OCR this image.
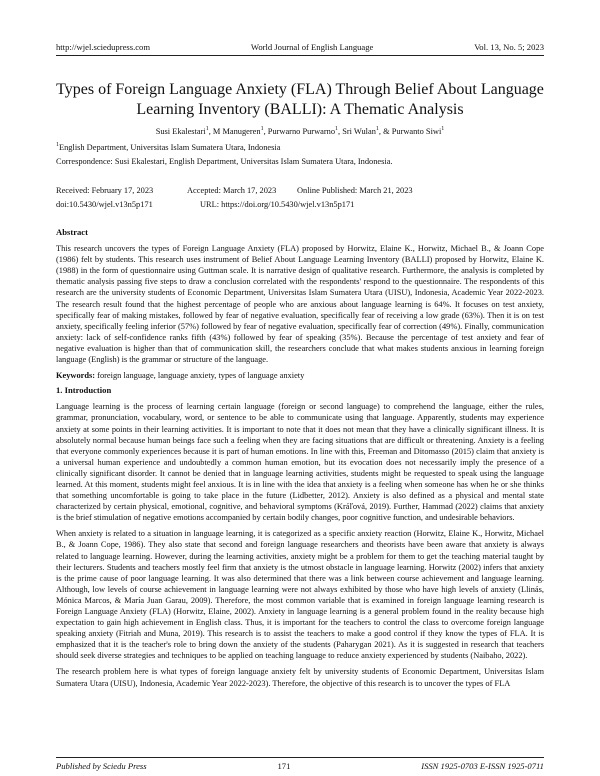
http://wjel.sciedupress.com	World Journal of English Language	Vol. 13, No. 5; 2023
Types of Foreign Language Anxiety (FLA) Through Belief About Language Learning Inventory (BALLI): A Thematic Analysis
Susi Ekalestari$^1$, M Manugeren$^1$, Purwarno Purwarno$^1$, Sri Wulan$^1$, & Purwanto Siwi$^1$
$^1$English Department, Universitas Islam Sumatera Utara, Indonesia
Correspondence: Susi Ekalestari, English Department, Universitas Islam Sumatera Utara, Indonesia.
Received: February 17, 2023	Accepted: March 17, 2023 Online Published: March 21, 2023
doi:10.5430/wjel.v13n5p171	URL: https://doi.org/10.5430/wjel.v13n5p171
Abstract

This research uncovers the types of Foreign Language Anxiety (FLA) proposed by Horwitz, Elaine K., Horwitz, Michael B., & Joann Cope (1986) felt by students. This research uses instrument of Belief About Language Learning Inventory (BALLI) proposed by Horwitz, Elaine K. (1988) in the form of questionnaire using Guttman scale. It is narrative design of qualitative research. Furthermore, the analysis is completed by thematic analysis passing five steps to draw a conclusion correlated with the respondents' respond to the questionnaire. The respondents of this research are the university students of Economic Department, Universitas Islam Sumatera Utara (UISU), Indonesia, Academic Year 2022-2023. The research result found that the highest percentage of people who are anxious about language learning is 64%. It focuses on test anxiety, specifically fear of making mistakes, followed by fear of negative evaluation, specifically fear of receiving a low grade (63%). Then it is on test anxiety, specifically feeling inferior (57%) followed by fear of negative evaluation, specifically fear of correction (49%). Finally, communication anxiety: lack of self-confidence ranks fifth (43%) followed by fear of speaking (35%). Because the percentage of test anxiety and fear of negative evaluation is higher than that of communication skill, the researchers conclude that what makes students anxious in learning foreign language (English) is the grammar or structure of the language.

Keywords: foreign language, language anxiety, types of language anxiety

1. Introduction

Language learning is the process of learning certain language (foreign or second language) to comprehend the language, either the rules, grammar, pronunciation, vocabulary, word, or sentence to be able to communicate using that language. Apparently, students may experience anxiety at some points in their learning activities. It is important to note that it does not mean that they have a clinically significant illness. It is absolutely normal because human beings face such a feeling when they are facing situations that are difficult or threatening. Anxiety is a feeling that everyone commonly experiences because it is part of human emotions. In line with this, Freeman and Ditomasso (2015) claim that anxiety is a universal human experience and undoubtedly a common human emotion, but its evocation does not necessarily imply the presence of a clinically significant disorder. It cannot be denied that in language learning activities, students might be requested to speak using the language learned. At this moment, students might feel anxious. It is in line with the idea that anxiety is a feeling when someone has when he or she thinks that something uncomfortable is going to take place in the future (Lidbetter, 2012). Anxiety is also defined as a physical and mental state characterized by certain physical, emotional, cognitive, and behavioral symptoms (Kráľová, 2019). Further, Hammad (2022) claims that anxiety is the brief stimulation of negative emotions accompanied by certain bodily changes, poor cognitive function, and undesirable behaviors.

When anxiety is related to a situation in language learning, it is categorized as a specific anxiety reaction (Horwitz, Elaine K., Horwitz, Michael B., & Joann Cope, 1986). They also state that second and foreign language researchers and theorists have been aware that anxiety is always related to language learning. However, during the learning activities, anxiety might be a problem for them to get the teaching material taught by their lecturers. Students and teachers mostly feel firm that anxiety is the utmost obstacle in language learning. Horwitz (2002) infers that anxiety is the prime cause of poor language learning. It was also determined that there was a link between course achievement and language learning. Although, low levels of course achievement in language learning were not always exhibited by those who have high levels of anxiety (Llinás, Mónica Marcos, & María Juan Garau, 2009). Therefore, the most common variable that is examined in foreign language learning research is Foreign Language Anxiety (FLA) (Horwitz, Elaine, 2002). Anxiety in language learning is a general problem found in the reality because high expectation to gain high achievement in English class. Thus, it is important for the teachers to control the class to overcome foreign language speaking anxiety (Fitriah and Muna, 2019). This research is to assist the teachers to make a good control if they know the types of FLA. It is emphasized that it is the teacher's role to bring down the anxiety of the students (Paharygan 2021). As it is suggested in research that teachers should seek diverse strategies and techniques to be applied on teaching language to reduce anxiety experienced by students (Naibaho, 2022).

The research problem here is what types of foreign language anxiety felt by university students of Economic Department, Universitas Islam Sumatera Utara (UISU), Indonesia, Academic Year 2022-2023). Therefore, the objective of this research is to uncover the types of FLA

Published by Sciedu Press	171	ISSN 1925-0703 E-ISSN 1925-0711
